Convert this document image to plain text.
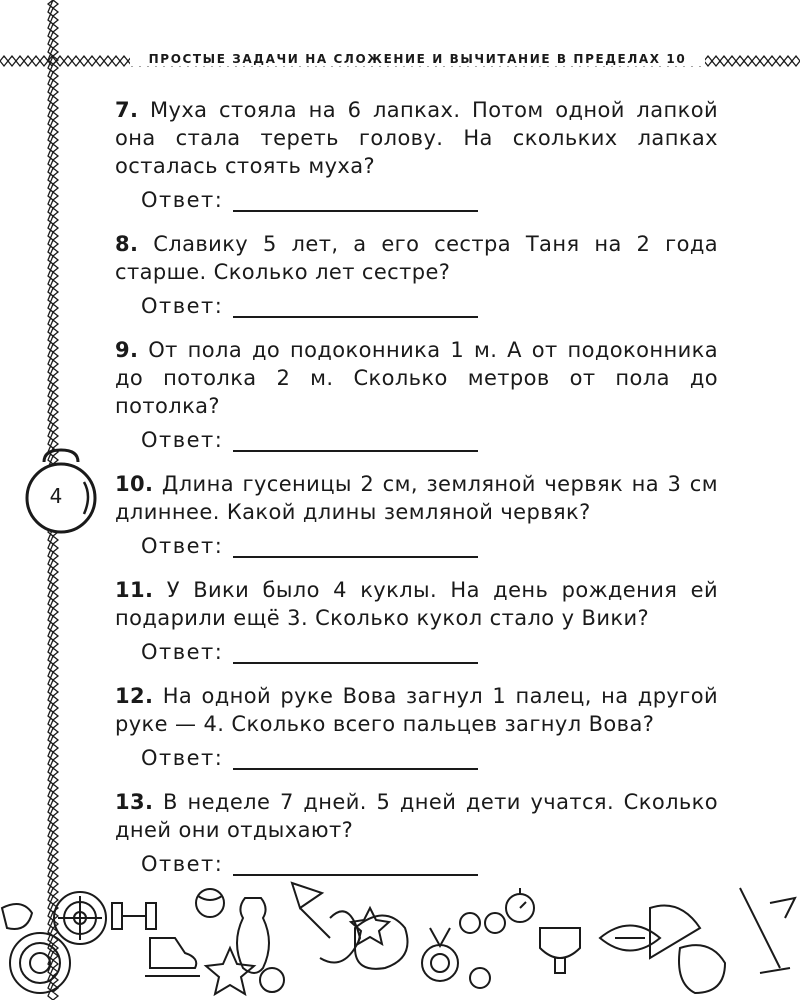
ПРОСТЫЕ ЗАДАЧИ НА СЛОЖЕНИЕ И ВЫЧИТАНИЕ В ПРЕДЕЛАХ 10
4

7. Муха стояла на 6 лапках. Потом одной лапкой она стала тереть голову. На скольких лапках осталась стоять муха?

Ответ:

8. Славику 5 лет, а его сестра Таня на 2 года старше. Сколько лет сестре?

Ответ:

9. От пола до подоконника 1 м. А от подоконника до потолка 2 м. Сколько метров от пола до потолка?

Ответ:

10. Длина гусеницы 2 см, земляной червяк на 3 см длиннее. Какой длины земляной червяк?

Ответ:

11. У Вики было 4 куклы. На день рождения ей подарили ещё 3. Сколько кукол стало у Вики?

Ответ:

12. На одной руке Вова загнул 1 палец, на другой руке — 4. Сколько всего пальцев загнул Вова?

Ответ:

13. В неделе 7 дней. 5 дней дети учатся. Сколько дней они отдыхают?

Ответ:
